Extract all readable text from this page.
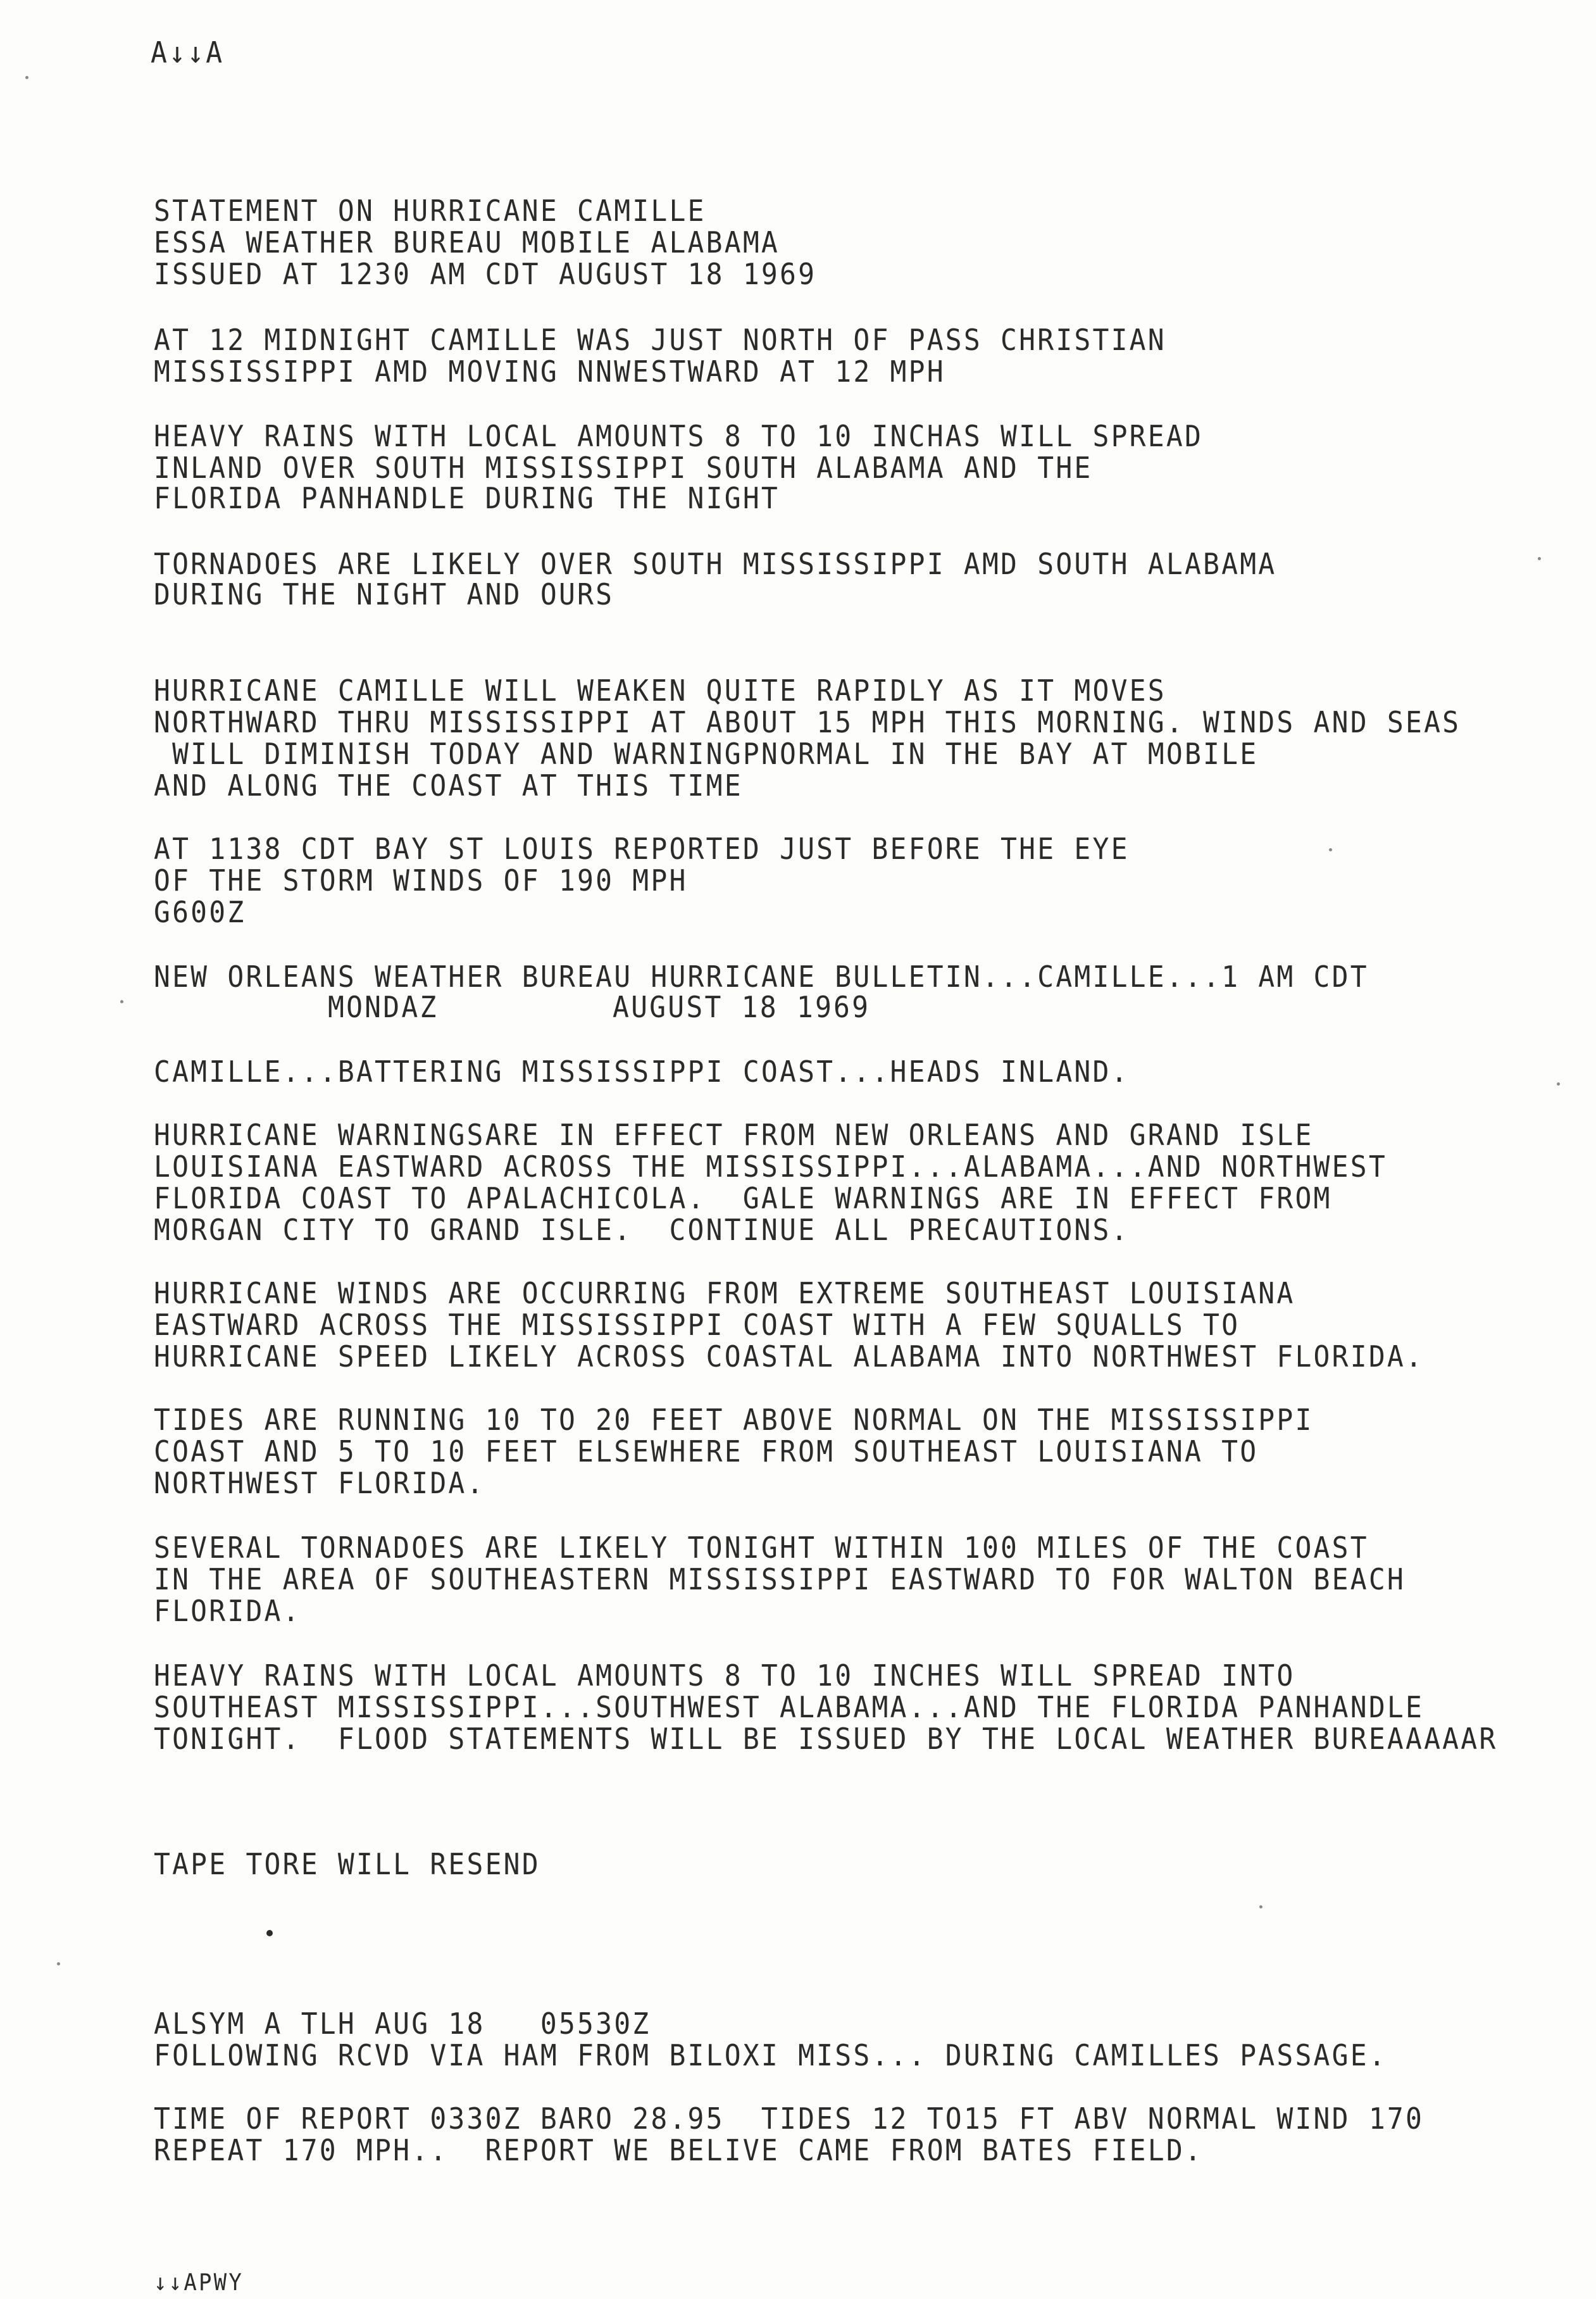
A↓↓A
STATEMENT ON HURRICANE CAMILLE
ESSA WEATHER BUREAU MOBILE ALABAMA
ISSUED AT 1230 AM CDT AUGUST 18 1969
AT 12 MIDNIGHT CAMILLE WAS JUST NORTH OF PASS CHRISTIAN
MISSISSIPPI AMD MOVING NNWESTWARD AT 12 MPH
HEAVY RAINS WITH LOCAL AMOUNTS 8 TO 10 INCHAS WILL SPREAD
INLAND OVER SOUTH MISSISSIPPI SOUTH ALABAMA AND THE
FLORIDA PANHANDLE DURING THE NIGHT
TORNADOES ARE LIKELY OVER SOUTH MISSISSIPPI AMD SOUTH ALABAMA
DURING THE NIGHT AND OURS
HURRICANE CAMILLE WILL WEAKEN QUITE RAPIDLY AS IT MOVES
NORTHWARD THRU MISSISSIPPI AT ABOUT 15 MPH THIS MORNING. WINDS AND SEAS
WILL DIMINISH TODAY AND WARNINGPNORMAL IN THE BAY AT MOBILE
AND ALONG THE COAST AT THIS TIME
AT 1138 CDT BAY ST LOUIS REPORTED JUST BEFORE THE EYE
OF THE STORM WINDS OF 190 MPH
G600Z
NEW ORLEANS WEATHER BUREAU HURRICANE BULLETIN...CAMILLE...1 AM CDT
MONDAZ	AUGUST 18 1969
CAMILLE...BATTERING MISSISSIPPI COAST...HEADS INLAND.
HURRICANE WARNINGSARE IN EFFECT FROM NEW ORLEANS AND GRAND ISLE
LOUISIANA EASTWARD ACROSS THE MISSISSIPPI...ALABAMA...AND NORTHWEST
FLORIDA COAST TO APALACHICOLA.  GALE WARNINGS ARE IN EFFECT FROM
MORGAN CITY TO GRAND ISLE.  CONTINUE ALL PRECAUTIONS.
HURRICANE WINDS ARE OCCURRING FROM EXTREME SOUTHEAST LOUISIANA
EASTWARD ACROSS THE MISSISSIPPI COAST WITH A FEW SQUALLS TO
HURRICANE SPEED LIKELY ACROSS COASTAL ALABAMA INTO NORTHWEST FLORIDA.
TIDES ARE RUNNING 10 TO 20 FEET ABOVE NORMAL ON THE MISSISSIPPI
COAST AND 5 TO 10 FEET ELSEWHERE FROM SOUTHEAST LOUISIANA TO
NORTHWEST FLORIDA.
SEVERAL TORNADOES ARE LIKELY TONIGHT WITHIN 100 MILES OF THE COAST
IN THE AREA OF SOUTHEASTERN MISSISSIPPI EASTWARD TO FOR WALTON BEACH
FLORIDA.
HEAVY RAINS WITH LOCAL AMOUNTS 8 TO 10 INCHES WILL SPREAD INTO
SOUTHEAST MISSISSIPPI...SOUTHWEST ALABAMA...AND THE FLORIDA PANHANDLE
TONIGHT.  FLOOD STATEMENTS WILL BE ISSUED BY THE LOCAL WEATHER BUREAAAAAR
TAPE TORE WILL RESEND
ALSYM A TLH AUG 18   05530Z
FOLLOWING RCVD VIA HAM FROM BILOXI MISS... DURING CAMILLES PASSAGE.
TIME OF REPORT 0330Z BARO 28.95  TIDES 12 TO15 FT ABV NORMAL WIND 170
REPEAT 170 MPH..  REPORT WE BELIVE CAME FROM BATES FIELD.
↓↓APWY
